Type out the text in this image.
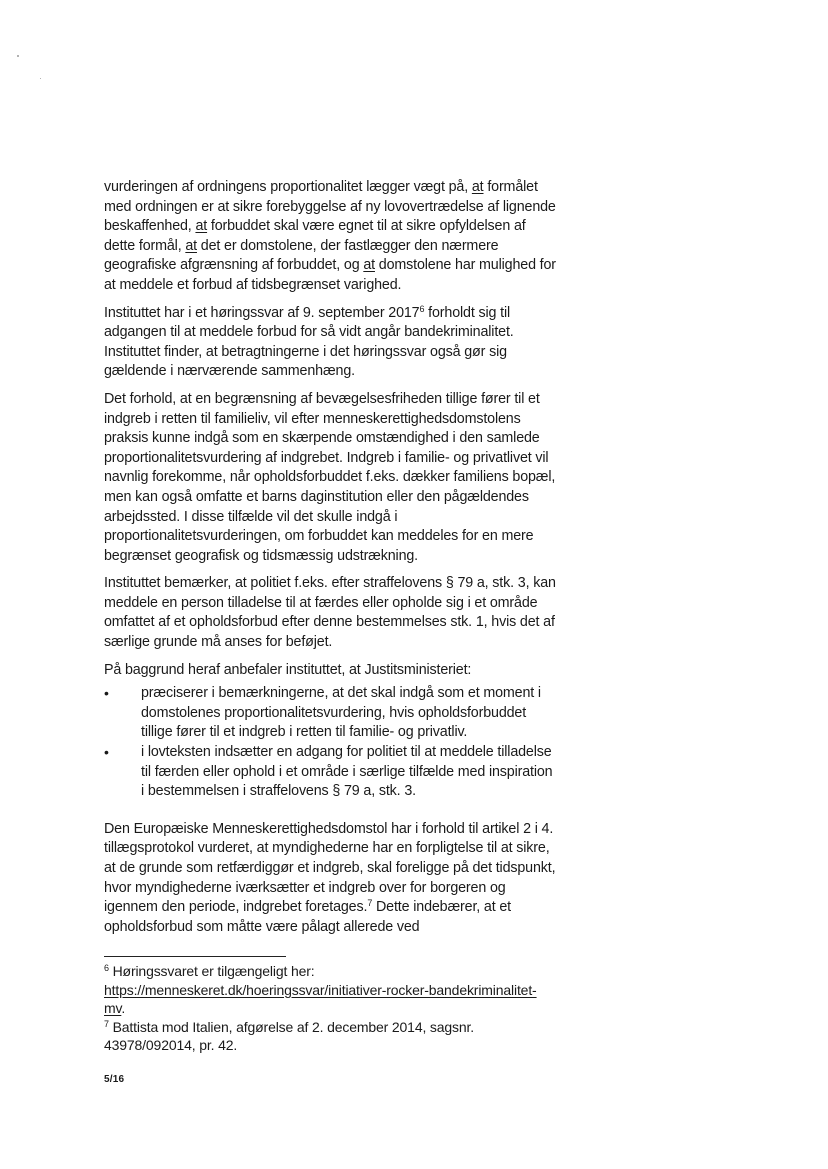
vurderingen af ordningens proportionalitet lægger vægt på, at formålet med ordningen er at sikre forebyggelse af ny lovovertrædelse af lignende beskaffenhed, at forbuddet skal være egnet til at sikre opfyldelsen af dette formål, at det er domstolene, der fastlægger den nærmere geografiske afgrænsning af forbuddet, og at domstolene har mulighed for at meddele et forbud af tidsbegrænset varighed.

Instituttet har i et høringssvar af 9. september 2017$^6$ forholdt sig til adgangen til at meddele forbud for så vidt angår bandekriminalitet. Instituttet finder, at betragtningerne i det høringssvar også gør sig gældende i nærværende sammenhæng.

Det forhold, at en begrænsning af bevægelsesfriheden tillige fører til et indgreb i retten til familieliv, vil efter menneskerettighedsdomstolens praksis kunne indgå som en skærpende omstændighed i den samlede proportionalitetsvurdering af indgrebet. Indgreb i familie- og privatlivet vil navnlig forekomme, når opholdsforbuddet f.eks. dækker familiens bopæl, men kan også omfatte et barns daginstitution eller den pågældendes arbejdssted. I disse tilfælde vil det skulle indgå i proportionalitetsvurderingen, om forbuddet kan meddeles for en mere begrænset geografisk og tidsmæssig udstrækning.

Instituttet bemærker, at politiet f.eks. efter straffelovens § 79 a, stk. 3, kan meddele en person tilladelse til at færdes eller opholde sig i et område omfattet af et opholdsforbud efter denne bestemmelses stk. 1, hvis det af særlige grunde må anses for beføjet.

På baggrund heraf anbefaler instituttet, at Justitsministeriet:

• præciserer i bemærkningerne, at det skal indgå som et moment i domstolenes proportionalitetsvurdering, hvis opholdsforbuddet tillige fører til et indgreb i retten til familie- og privatliv.
• i lovteksten indsætter en adgang for politiet til at meddele tilladelse til færden eller ophold i et område i særlige tilfælde med inspiration i bestemmelsen i straffelovens § 79 a, stk. 3.

Den Europæiske Menneskerettighedsdomstol har i forhold til artikel 2 i 4. tillægsprotokol vurderet, at myndighederne har en forpligtelse til at sikre, at de grunde som retfærdiggør et indgreb, skal foreligge på det tidspunkt, hvor myndighederne iværksætter et indgreb over for borgeren og igennem den periode, indgrebet foretages.$^7$ Dette indebærer, at et opholdsforbud som måtte være pålagt allerede ved

$^6$ Høringssvaret er tilgængeligt her:
https://menneskeret.dk/hoeringssvar/initiativer-rocker-bandekriminalitet-mv.

$^7$ Battista mod Italien, afgørelse af 2. december 2014, sagsnr. 43978/092014, pr. 42.

5/16
